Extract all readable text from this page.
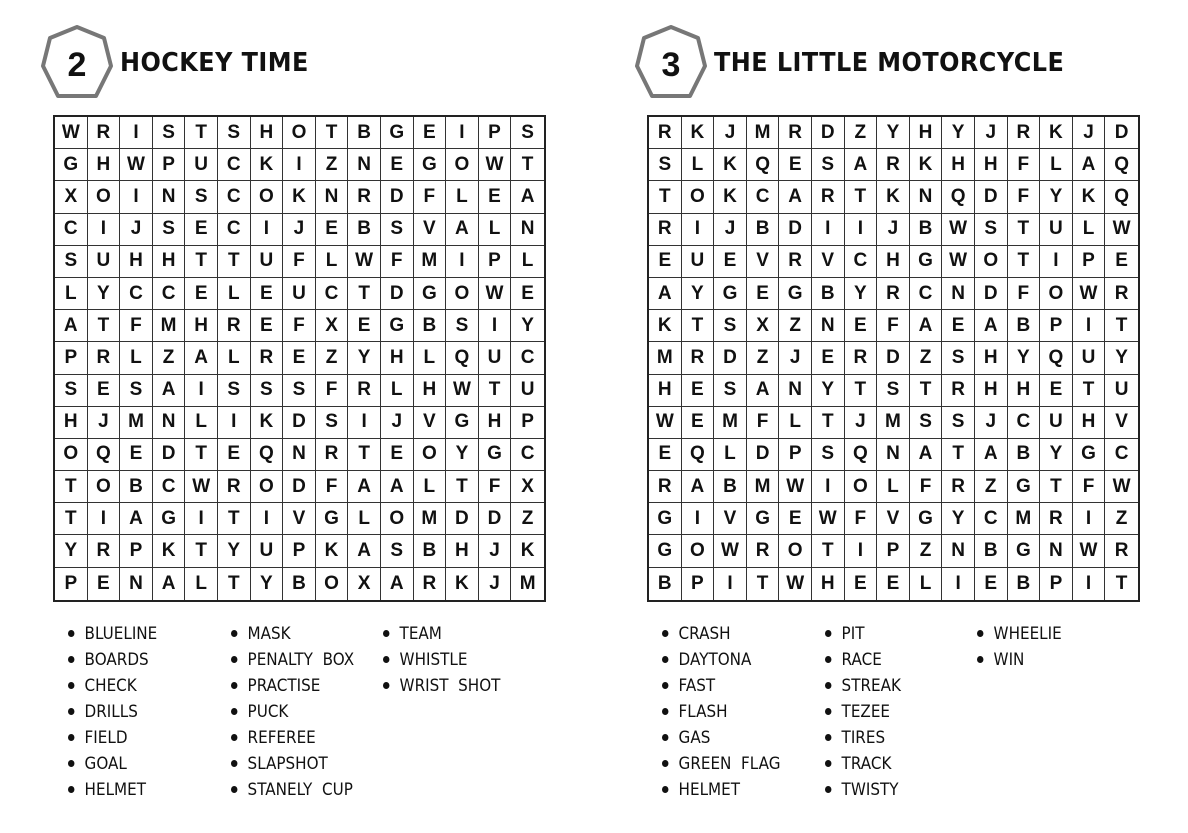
2	HOCKEY TIME
W R	I	S	T	S	H O	T	B G E	I	P	S
G H W P	U C K	I	Z	N	E G O W T
X O	I	N	S	C O K N R D	F	L	E	A
C	I	J	S	E	C	I	J	E	B	S	V	A	L	N
S	U H H	T	T	U	F	L W F M	I	P	L
L	Y	C C	E	L	E	U C	T	D G O W E
A	T	F M H R	E	F	X	E G B	S	I	Y
P	R	L	Z	A	L	R	E	Z	Y	H	L	Q U	C
S	E	S	A	I	S	S	S	F	R	L	H W T	U
H	J	M N	L	I	K D	S	I	J	V G H	P
O Q E	D	T	E Q N R	T	E O Y G C
T	O B C W R O D	F	A A	L	T	F	X
T	I	A G	I	T	I	V G	L	O M D D	Z
Y	R	P	K	T	Y	U	P	K A	S	B H	J	K
P	E	N A	L	T	Y	B O X	A R K	J	M
BLUELINE
BOARDS
CHECK
DRILLS
FIELD
GOAL
HELMET
MASK
PENALTY  BOX
PRACTISE
PUCK
REFEREE
SLAPSHOT
STANELY  CUP
TEAM
WHISTLE
WRIST  SHOT
3	THE LITTLE MOTORCYCLE
R K	J	M R D	Z	Y	H	Y	J	R K	J	D
S	L	K Q E	S	A R K H H	F	L	A Q
T	O K C A R	T	K N Q D	F	Y	K Q
R	I	J	B D	I	I	J	B W S	T	U	L W
E	U	E	V	R	V	C H G W O	T	I	P	E
A	Y G E G B	Y	R C N D	F	O W R
K	T	S	X	Z	N	E	F	A	E	A B	P	I	T
M R D	Z	J	E	R D	Z	S	H	Y Q U	Y
H	E	S	A N	Y	T	S	T	R H H	E	T	U
W E M F	L	T	J	M S	S	J	C U H	V
E Q	L	D	P	S Q N A	T	A B	Y G C
R A B M W	I	O	L	F	R	Z	G	T	F W
G	I	V G E W F	V G Y	C M R	I	Z
G O W R O	T	I	P	Z	N B G N W R
B	P	I	T W H	E	E	L	I	E	B	P	I	T
CRASH
DAYTONA
FAST
FLASH
GAS
GREEN  FLAG
HELMET
PIT
RACE
STREAK
TEZEE
TIRES
TRACK
TWISTY
WHEELIE
WIN
